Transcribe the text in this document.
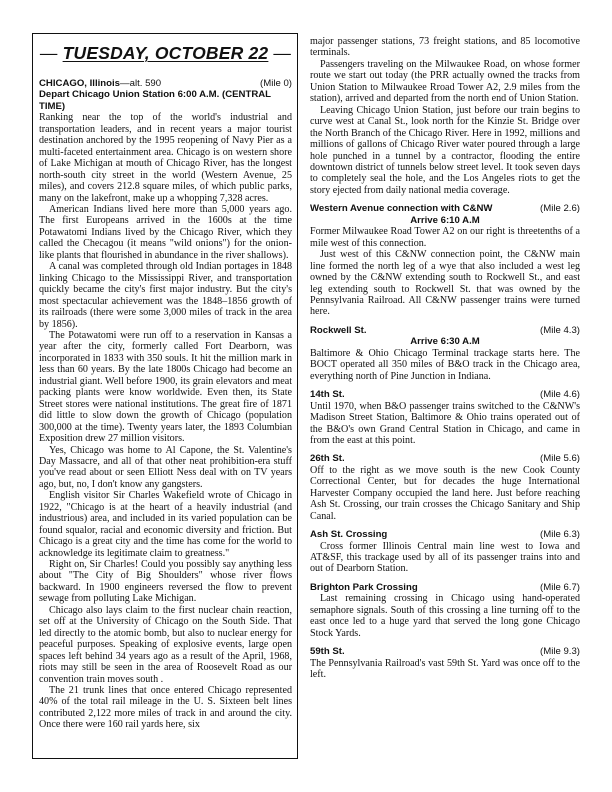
— TUESDAY, OCTOBER 22 —
CHICAGO, Illinois—alt. 590	(Mile 0)
Depart Chicago Union Station 6:00 A.M. (CENTRAL TIME)

Ranking near the top of the world's industrial and transportation leaders, and in recent years a major tourist destination anchored by the 1995 reopening of Navy Pier as a multi-faceted entertainment area. Chicago is on western shore of Lake Michigan at mouth of Chicago River, has the longest north-south city street in the world (Western Avenue, 25 miles), and covers 212.8 square miles, of which public parks, many on the lakefront, make up a whopping 7,328 acres.

American Indians lived here more than 5,000 years ago. The first Europeans arrived in the 1600s at the time Potawatomi Indians lived by the Chicago River, which they called the Checagou (it means "wild onions") for the onion-like plants that flourished in abundance in the river shallows).

A canal was completed through old Indian portages in 1848 linking Chicago to the Mississippi River, and transportation quickly became the city's first major industry. But the city's most spectacular achievement was the 1848–1856 growth of its railroads (there were some 3,000 miles of track in the area by 1856).

The Potawatomi were run off to a reservation in Kansas a year after the city, formerly called Fort Dearborn, was incorporated in 1833 with 350 souls. It hit the million mark in less than 60 years. By the late 1800s Chicago had become an industrial giant. Well before 1900, its grain elevators and meat packing plants were know worldwide. Even then, its State Street stores were national institutions. The great fire of 1871 did little to slow down the growth of Chicago (population 300,000 at the time). Twenty years later, the 1893 Columbian Exposition drew 27 million visitors.

Yes, Chicago was home to Al Capone, the St. Valentine's Day Massacre, and all of that other neat prohibition-era stuff you've read about or seen Elliott Ness deal with on TV years ago, but, no, I don't know any gangsters.

English visitor Sir Charles Wakefield wrote of Chicago in 1922, "Chicago is at the heart of a heavily industrial (and industrious) area, and included in its varied population can be found squalor, racial and economic diversity and friction. But Chicago is a great city and the time has come for the world to acknowledge its legitimate claim to greatness."

Right on, Sir Charles! Could you possibly say anything less about "The City of Big Shoulders" whose river flows backward. In 1900 engineers reversed the flow to prevent sewage from polluting Lake Michigan.

Chicago also lays claim to the first nuclear chain reaction, set off at the University of Chicago on the South Side. That led directly to the atomic bomb, but also to nuclear energy for peaceful purposes. Speaking of explosive events, large open spaces left behind 34 years ago as a result of the April, 1968, riots may still be seen in the area of Roosevelt Road as our convention train moves south .

The 21 trunk lines that once entered Chicago represented 40% of the total rail mileage in the U. S. Sixteen belt lines contributed 2,122 more miles of track in and around the city. Once there were 160 rail yards here, six

major passenger stations, 73 freight stations, and 85 locomotive terminals.

Passengers traveling on the Milwaukee Road, on whose former route we start out today (the PRR actually owned the tracks from Union Station to Milwaukee Rroad Tower A2, 2.9 miles from the station), arrived and departed from the north end of Union Station.

Leaving Chicago Union Station, just before our train begins to curve west at Canal St., look north for the Kinzie St. Bridge over the North Branch of the Chicago River. Here in 1992, millions and millions of gallons of Chicago River water poured through a large hole punched in a tunnel by a contractor, flooding the entire downtown district of tunnels below street level. It took seven days to completely seal the hole, and the Los Angeles riots to get the story ejected from daily national media coverage.

Western Avenue connection with C&NW	(Mile 2.6)
Arrive 6:10 A.M

Former Milwaukee Road Tower A2 on our right is threetenths of a mile west of this connection.

Just west of this C&NW connection point, the C&NW main line formed the north leg of a wye that also included a west leg owned by the C&NW extending south to Rockwell St., and east leg extending south to Rockwell St. that was owned by the Pennsylvania Railroad. All C&NW passenger trains were turned here.

Rockwell St.	(Mile 4.3)
Arrive 6:30 A.M

Baltimore & Ohio Chicago Terminal trackage starts here. The BOCT operated all 350 miles of B&O track in the Chicago area, everything north of Pine Junction in Indiana.

14th St.	(Mile 4.6)

Until 1970, when B&O passenger trains switched to the C&NW's Madison Street Station, Baltimore & Ohio trains operated out of the B&O's own Grand Central Station in Chicago, and came in from the east at this point.

26th St.	(Mile 5.6)

Off to the right as we move south is the new Cook County Correctional Center, but for decades the huge International Harvester Company occupied the land here. Just before reaching Ash St. Crossing, our train crosses the Chicago Sanitary and Ship Canal.

Ash St. Crossing	(Mile 6.3)

Cross former Illinois Central main line west to Iowa and AT&SF, this trackage used by all of its passenger trains into and out of Dearborn Station.

Brighton Park Crossing	(Mile 6.7)

Last remaining crossing in Chicago using hand-operated semaphore signals. South of this crossing a line turning off to the east once led to a huge yard that served the long gone Chicago Stock Yards.

59th St.	(Mile 9.3)

The Pennsylvania Railroad's vast 59th St. Yard was once off to the left.
